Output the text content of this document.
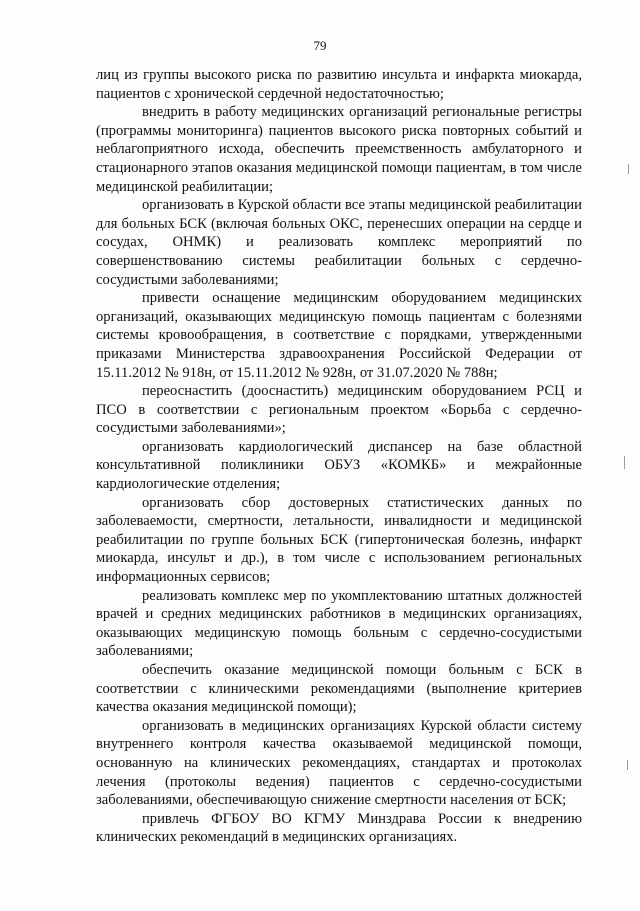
79

лиц из группы высокого риска по развитию инсульта и инфаркта миокарда, пациентов с хронической сердечной недостаточностью;

внедрить в работу медицинских организаций региональные регистры (программы мониторинга) пациентов высокого риска повторных событий и неблагоприятного исхода, обеспечить преемственность амбулаторного и стационарного этапов оказания медицинской помощи пациентам, в том числе медицинской реабилитации;

организовать в Курской области все этапы медицинской реабилитации для больных БСК (включая больных ОКС, перенесших операции на сердце и сосудах, ОНМК) и реализовать комплекс мероприятий по совершенствованию системы реабилитации больных с сердечно-сосудистыми заболеваниями;

привести оснащение медицинским оборудованием медицинских организаций, оказывающих медицинскую помощь пациентам с болезнями системы кровообращения, в соответствие с порядками, утвержденными приказами Министерства здравоохранения Российской Федерации от 15.11.2012 № 918н, от 15.11.2012 № 928н, от 31.07.2020 № 788н;

переоснастить (дооснастить) медицинским оборудованием РСЦ и ПСО в соответствии с региональным проектом «Борьба с сердечно-сосудистыми заболеваниями»;

организовать кардиологический диспансер на базе областной консультативной поликлиники ОБУЗ «КОМКБ» и межрайонные кардиологические отделения;

организовать сбор достоверных статистических данных по заболеваемости, смертности, летальности, инвалидности и медицинской реабилитации по группе больных БСК (гипертоническая болезнь, инфаркт миокарда, инсульт и др.), в том числе с использованием региональных информационных сервисов;

реализовать комплекс мер по укомплектованию штатных должностей врачей и средних медицинских работников в медицинских организациях, оказывающих медицинскую помощь больным с сердечно-сосудистыми заболеваниями;

обеспечить оказание медицинской помощи больным с БСК в соответствии с клиническими рекомендациями (выполнение критериев качества оказания медицинской помощи);

организовать в медицинских организациях Курской области систему внутреннего контроля качества оказываемой медицинской помощи, основанную на клинических рекомендациях, стандартах и протоколах лечения (протоколы ведения) пациентов с сердечно-сосудистыми заболеваниями, обеспечивающую снижение смертности населения от БСК;

привлечь ФГБОУ ВО КГМУ Минздрава России к внедрению клинических рекомендаций в медицинских организациях.
